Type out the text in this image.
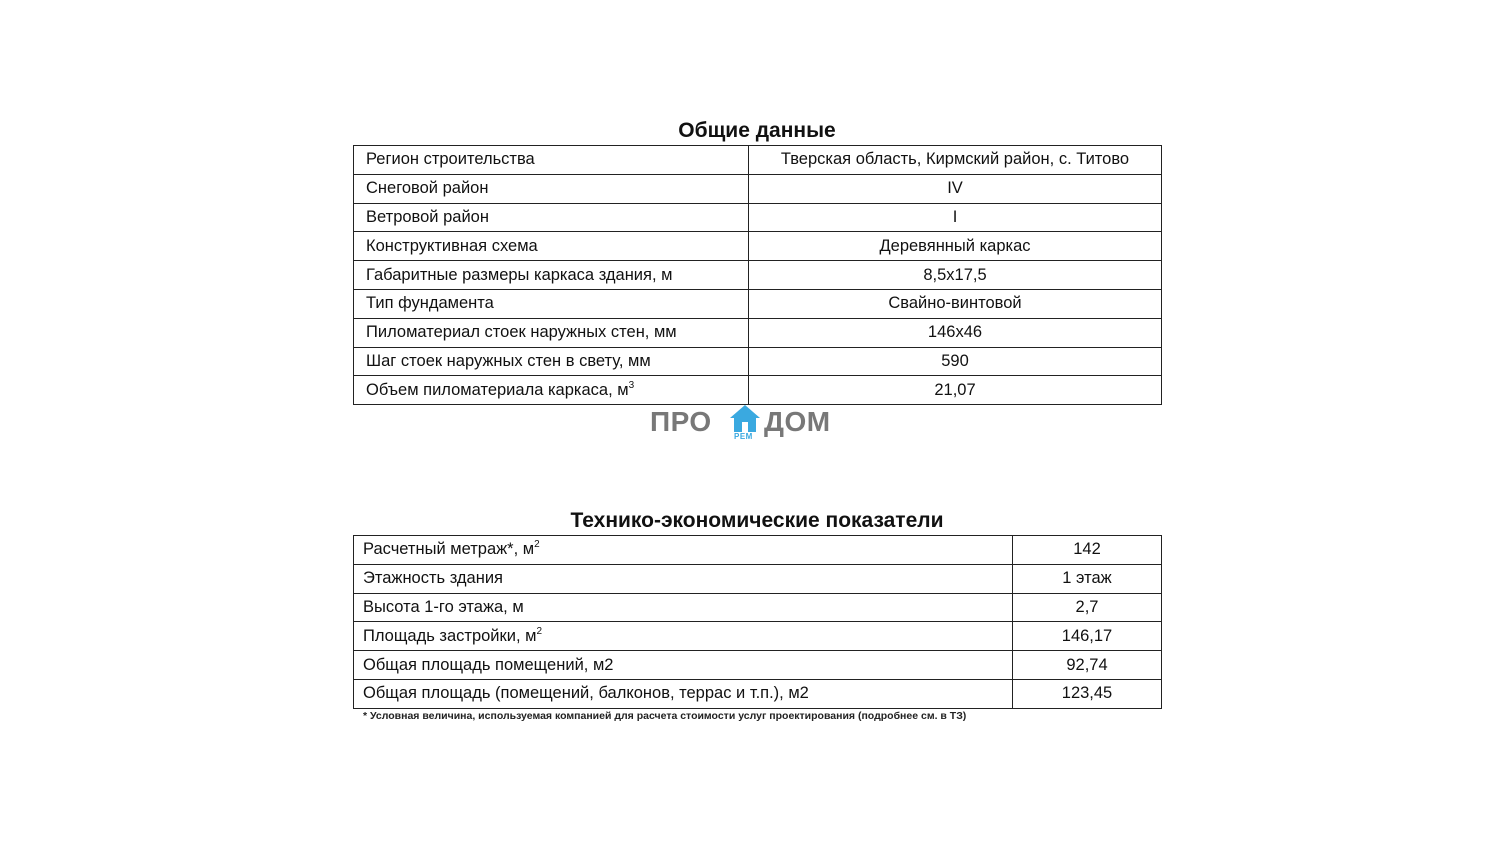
Общие данные
Регион строительства	Тверская область, Кирмский район, с. Титово
Снеговой район	IV
Ветровой район	I
Конструктивная схема	Деревянный каркас
Габаритные размеры каркаса здания, м	8,5х17,5
Тип фундамента	Свайно-винтовой
Пиломатериал стоек наружных стен, мм	146х46
Шаг стоек наружных стен в свету, мм	590
Объем пиломатериала каркаса, $м^3$	21,07
ПРО	РЕМ ДОМ
Технико-экономические показатели
Расчетный метраж*, $м^2$	142
Этажность здания	1 этаж
Высота 1-го этажа, м	2,7
Площадь застройки, $м^2$	146,17
Общая площадь помещений, м2	92,74
Общая площадь (помещений, балконов, террас и т.п.), м2	123,45
* Условная величина, используемая компанией для расчета стоимости услуг проектирования (подробнее см. в ТЗ)
